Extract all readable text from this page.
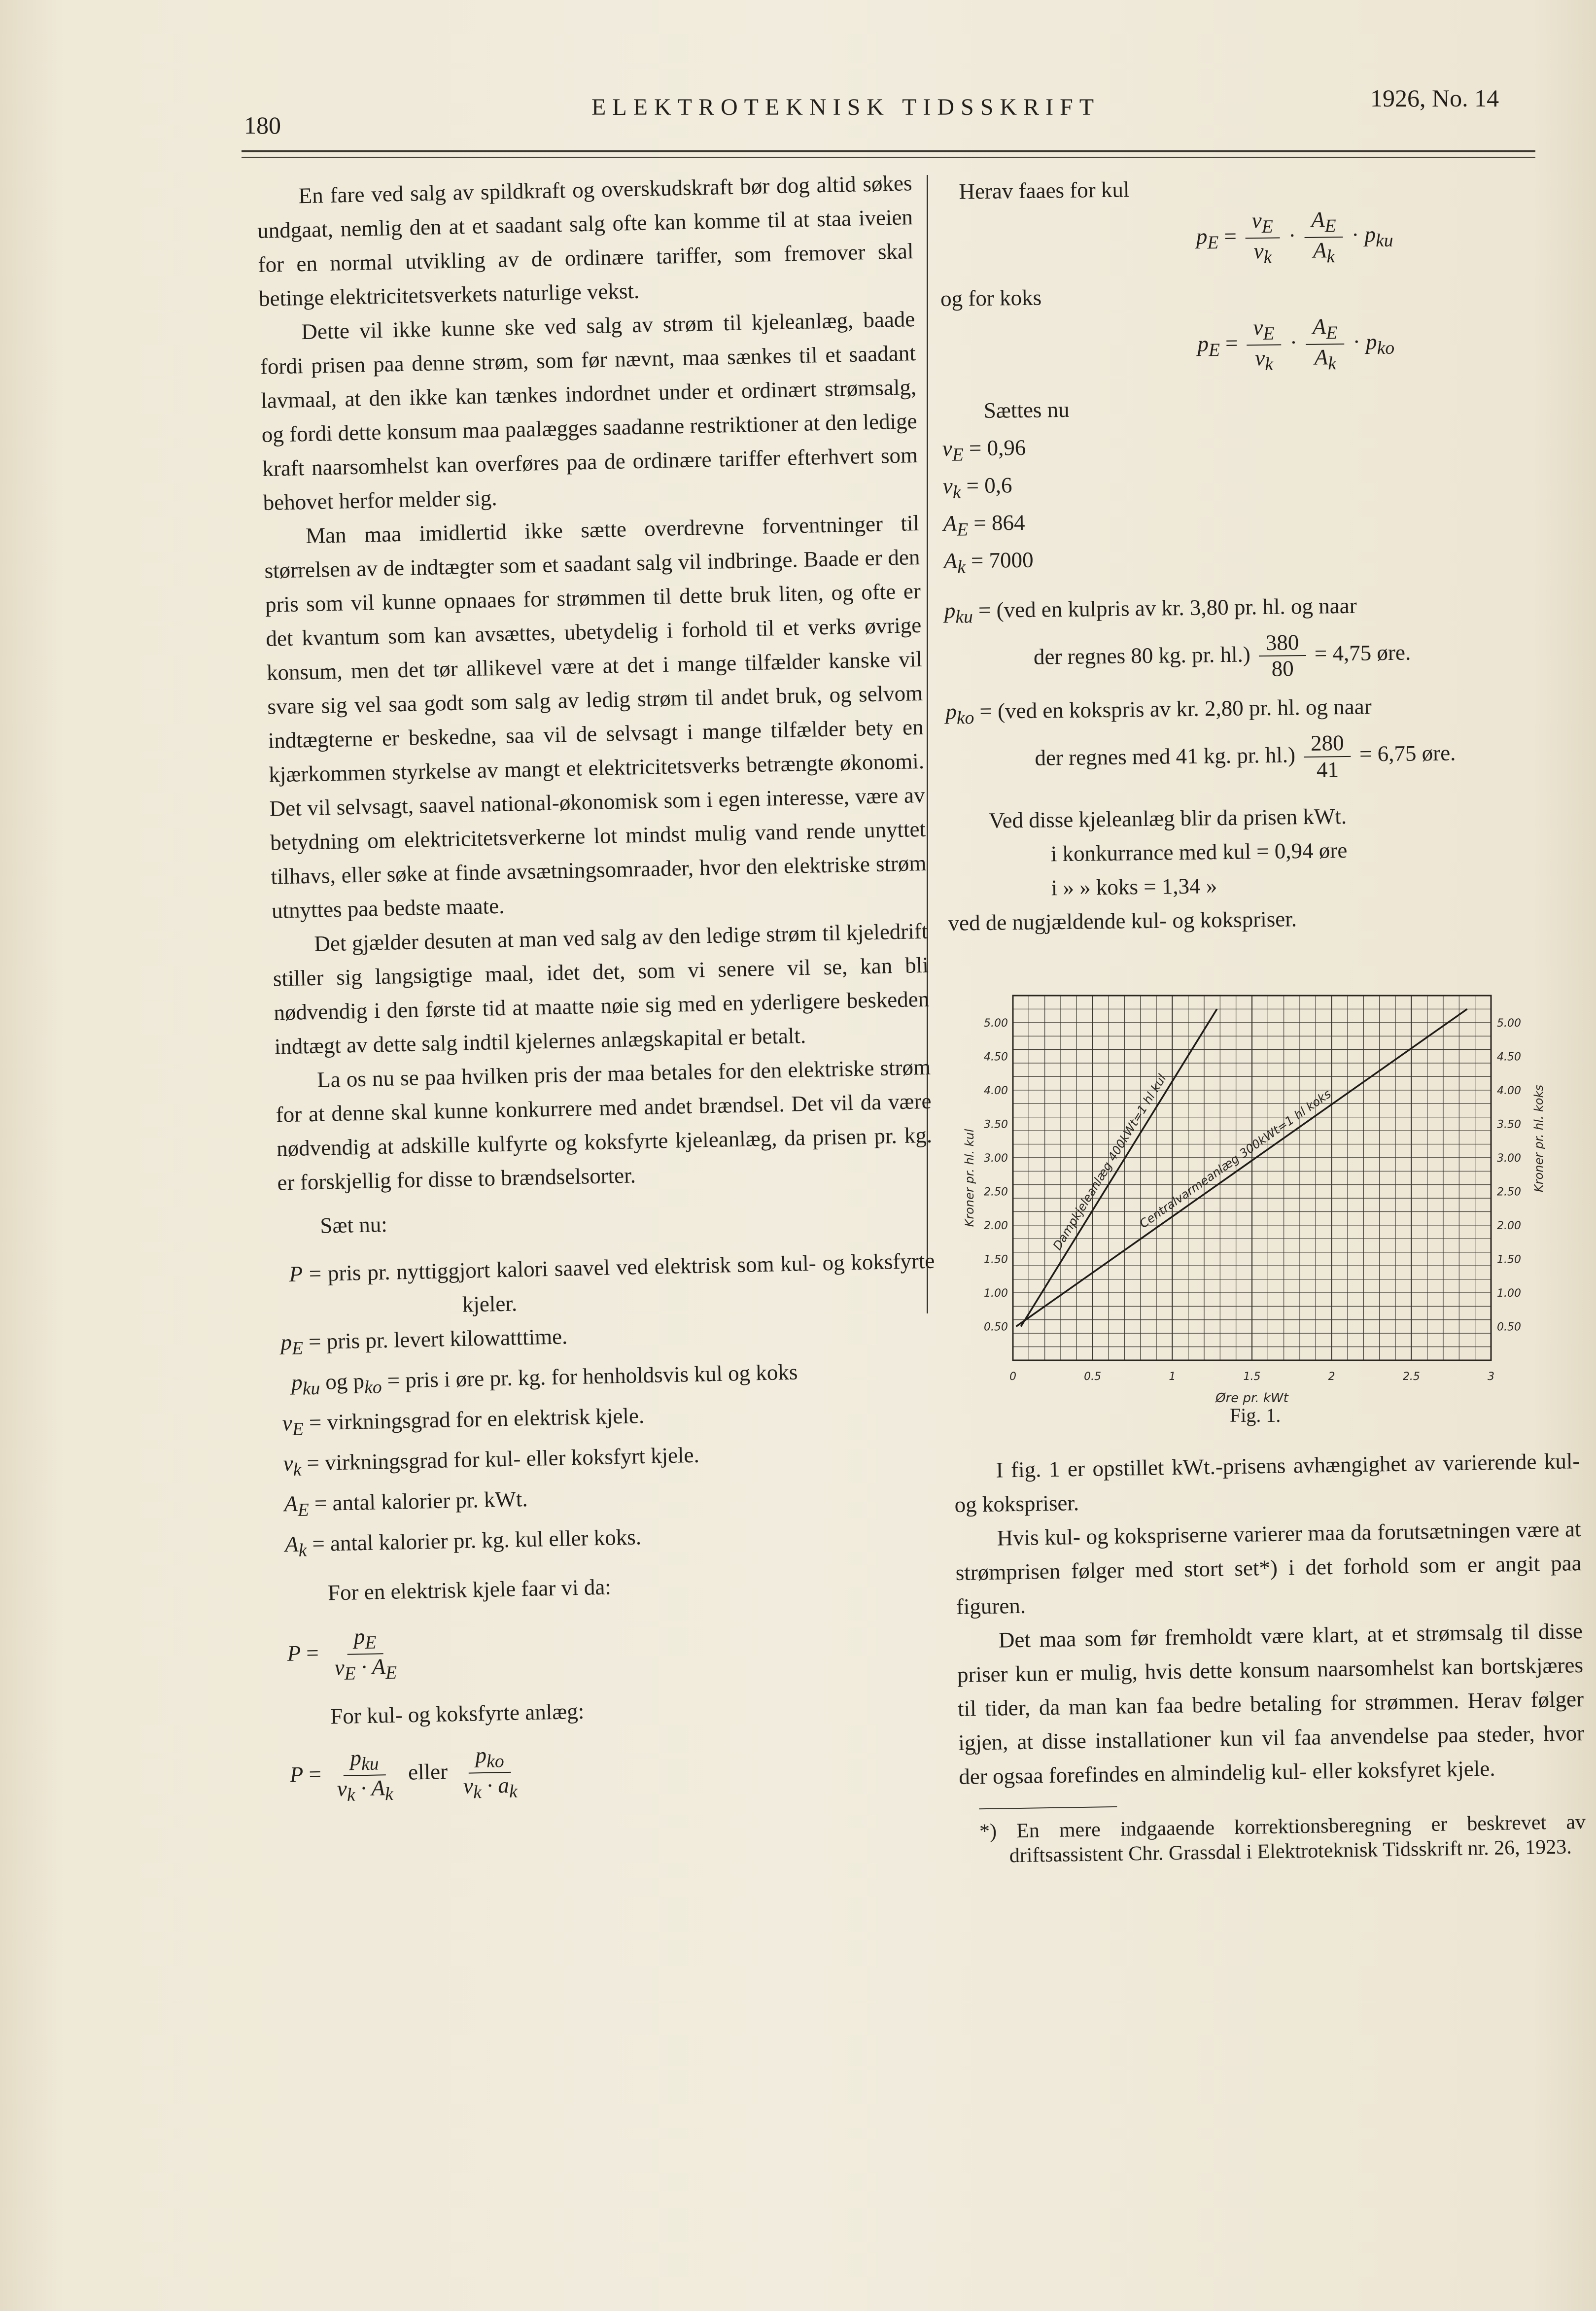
180
ELEKTROTEKNISK TIDSSKRIFT	1926, No. 14

En fare ved salg av spildkraft og overskudskraft bør dog altid søkes undgaat, nemlig den at et saadant salg ofte kan komme til at staa iveien for en normal utvikling av de ordinære tariffer, som fremover skal betinge elektricitetsverkets naturlige vekst.

Dette vil ikke kunne ske ved salg av strøm til kjeleanlæg, baade fordi prisen paa denne strøm, som før nævnt, maa sænkes til et saadant lavmaal, at den ikke kan tænkes indordnet under et ordinært strømsalg, og fordi dette konsum maa paalægges saadanne restriktioner at den ledige kraft naarsomhelst kan overføres paa de ordinære tariffer efterhvert som behovet herfor melder sig.

Man maa imidlertid ikke sætte overdrevne forventninger til størrelsen av de indtægter som et saadant salg vil indbringe. Baade er den pris som vil kunne opnaaes for strømmen til dette bruk liten, og ofte er det kvantum som kan avsættes, ubetydelig i forhold til et verks øvrige konsum, men det tør allikevel være at det i mange tilfælder kanske vil svare sig vel saa godt som salg av ledig strøm til andet bruk, og selvom indtægterne er beskedne, saa vil de selvsagt i mange tilfælder bety en kjærkommen styrkelse av mangt et elektricitetsverks betrængte økonomi. Det vil selvsagt, saavel national-økonomisk som i egen interesse, være av betydning om elektricitetsverkerne lot mindst mulig vand rende unyttet tilhavs, eller søke at finde avsætningsomraader, hvor den elektriske strøm utnyttes paa bedste maate.

Det gjælder desuten at man ved salg av den ledige strøm til kjeledrift stiller sig langsigtige maal, idet det, som vi senere vil se, kan bli nødvendig i den første tid at maatte nøie sig med en yderligere beskeden indtægt av dette salg indtil kjelernes anlægskapital er betalt.

La os nu se paa hvilken pris der maa betales for den elektriske strøm for at denne skal kunne konkurrere med andet brændsel. Det vil da være nødvendig at adskille kulfyrte og koksfyrte kjeleanlæg, da prisen pr. kg. er forskjellig for disse to brændselsorter.

Sæt nu:

P = pris pr. nyttiggjort kalori saavel ved elektrisk som kul- og koksfyrte kjeler.

$p_E$ = pris pr. levert kilowatttime.

$p_{ku}$ og $p_{ko}$ = pris i øre pr. kg. for henholdsvis kul og koks

$v_E$ = virkningsgrad for en elektrisk kjele.

$v_k$ = virkningsgrad for kul- eller koksfyrt kjele.

$A_E$ = antal kalorier pr. kWt.

$A_k$ = antal kalorier pr. kg. kul eller koks.

For en elektrisk kjele faar vi da:

$P = \frac{p_E}{v_E \cdot A_E}$

For kul- og koksfyrte anlæg:

$P = \frac{p_{ku}}{v_k \cdot A_k}$ eller $\frac{p_{ko}}{v_k \cdot a_k}$

Herav faaes for kul

$p_E = \frac{v_E}{v_k} \cdot \frac{A_E}{A_k} \cdot p_{ku}$

og for koks

$p_E = \frac{v_E}{v_k} \cdot \frac{A_E}{A_k} \cdot p_{ko}$

Sættes nu

$v_E = 0,96$

$v_k = 0,6$

$A_E = 864$

$A_k = 7000$

$p_{ku} = (ved$ en kulpris av kr. 3,80 pr. hl. og naar

der regnes 80 kg. pr. $hl.) \frac{380}{80} = 4,75$ øre.

$p_{ko} = (ved$ en kokspris av kr. 2,80 pr. hl. og naar

der regnes med 41 kg. pr. $hl.) \frac{280}{41} = 6,75$ øre.

Ved disse kjeleanlæg blir da prisen kWt.

i konkurrance med kul = 0,94 øre

i » » koks = 1,34 »

ved de nugjældende kul- og kokspriser.

Dampkjeleanlæg 400kWt=1 hl kul
Centralvarmeanlæg 300kWt=1 hl koks
0	0.5	1	1.5	2	2.5	3
0.50
1.00
1.50
2.00
2.50
3.00
3.50
4.00
4.50
5.00
0.50
1.00
1.50
2.00
2.50
3.00
3.50
4.00
4.50
5.00
Øre pr. kWt
Kroner pr. hl. kul	Kroner pr. hl. koks
Fig. 1.

I fig. 1 er opstillet kWt.-prisens avhængighet av varierende kul- og kokspriser.

Hvis kul- og kokspriserne varierer maa da forutsætningen være at strømprisen følger med stort set*) i det forhold som er angit paa figuren.

Det maa som før fremholdt være klart, at et strømsalg til disse priser kun er mulig, hvis dette konsum naarsomhelst kan bortskjæres til tider, da man kan faa bedre betaling for strømmen. Herav følger igjen, at disse installationer kun vil faa anvendelse paa steder, hvor der ogsaa forefindes en almindelig kul- eller koksfyret kjele.

*) En mere indgaaende korrektionsberegning er beskrevet av driftsassistent Chr. Grassdal i Elektroteknisk Tidsskrift nr. 26, 1923.
